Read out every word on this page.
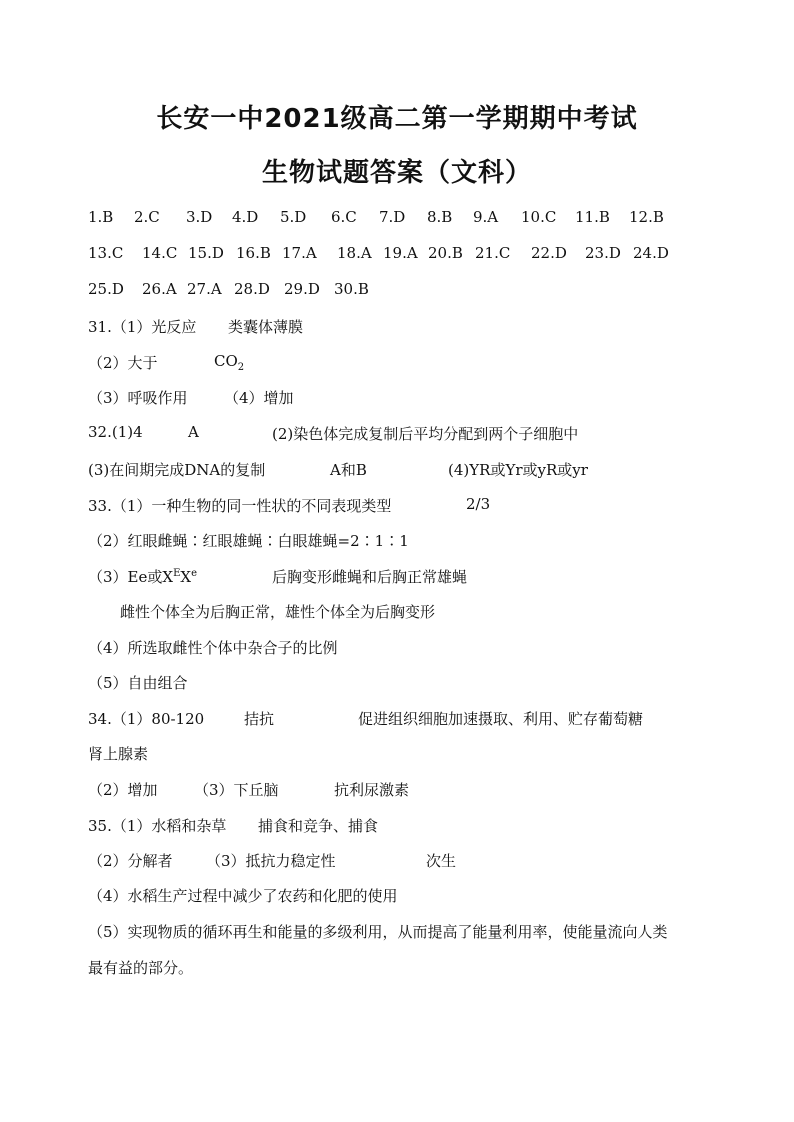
长安一中2021级高二第一学期期中考试
生物试题答案（文科）
1.B 2.C 3.D 4.D 5.D 6.C 7.D 8.B 9.A 10.C 11.B 12.B
13.C 14.C 15.D 16.B 17.A 18.A 19.A 20.B 21.C 22.D 23.D 24.D
25.D 26.A 27.A 28.D 29.D 30.B
31.（1）光反应 类囊体薄膜
（2）大于	$CO_2$
（3）呼吸作用 （4）增加
32.(1)4	A	(2)染色体完成复制后平均分配到两个子细胞中
(3)在间期完成DNA的复制	A和B	(4)YR或Yr或yR或yr
33.（1）一种生物的同一性状的不同表现类型	2/3
（2）红眼雌蝇∶红眼雄蝇∶白眼雄蝇=2∶1∶1
（3）Ee或$X^EXe$	后胸变形雌蝇和后胸正常雄蝇
雌性个体全为后胸正常，雄性个体全为后胸变形
（4）所选取雌性个体中杂合子的比例
（5）自由组合
34.（1）80-120	拮抗	促进组织细胞加速摄取、利用、贮存葡萄糖
肾上腺素
（2）增加 （3）下丘脑	抗利尿激素
35.（1）水稻和杂草 捕食和竞争、捕食
（2）分解者 （3）抵抗力稳定性	次生
（4）水稻生产过程中减少了农药和化肥的使用
（5）实现物质的循环再生和能量的多级利用，从而提高了能量利用率，使能量流向人类
最有益的部分。
